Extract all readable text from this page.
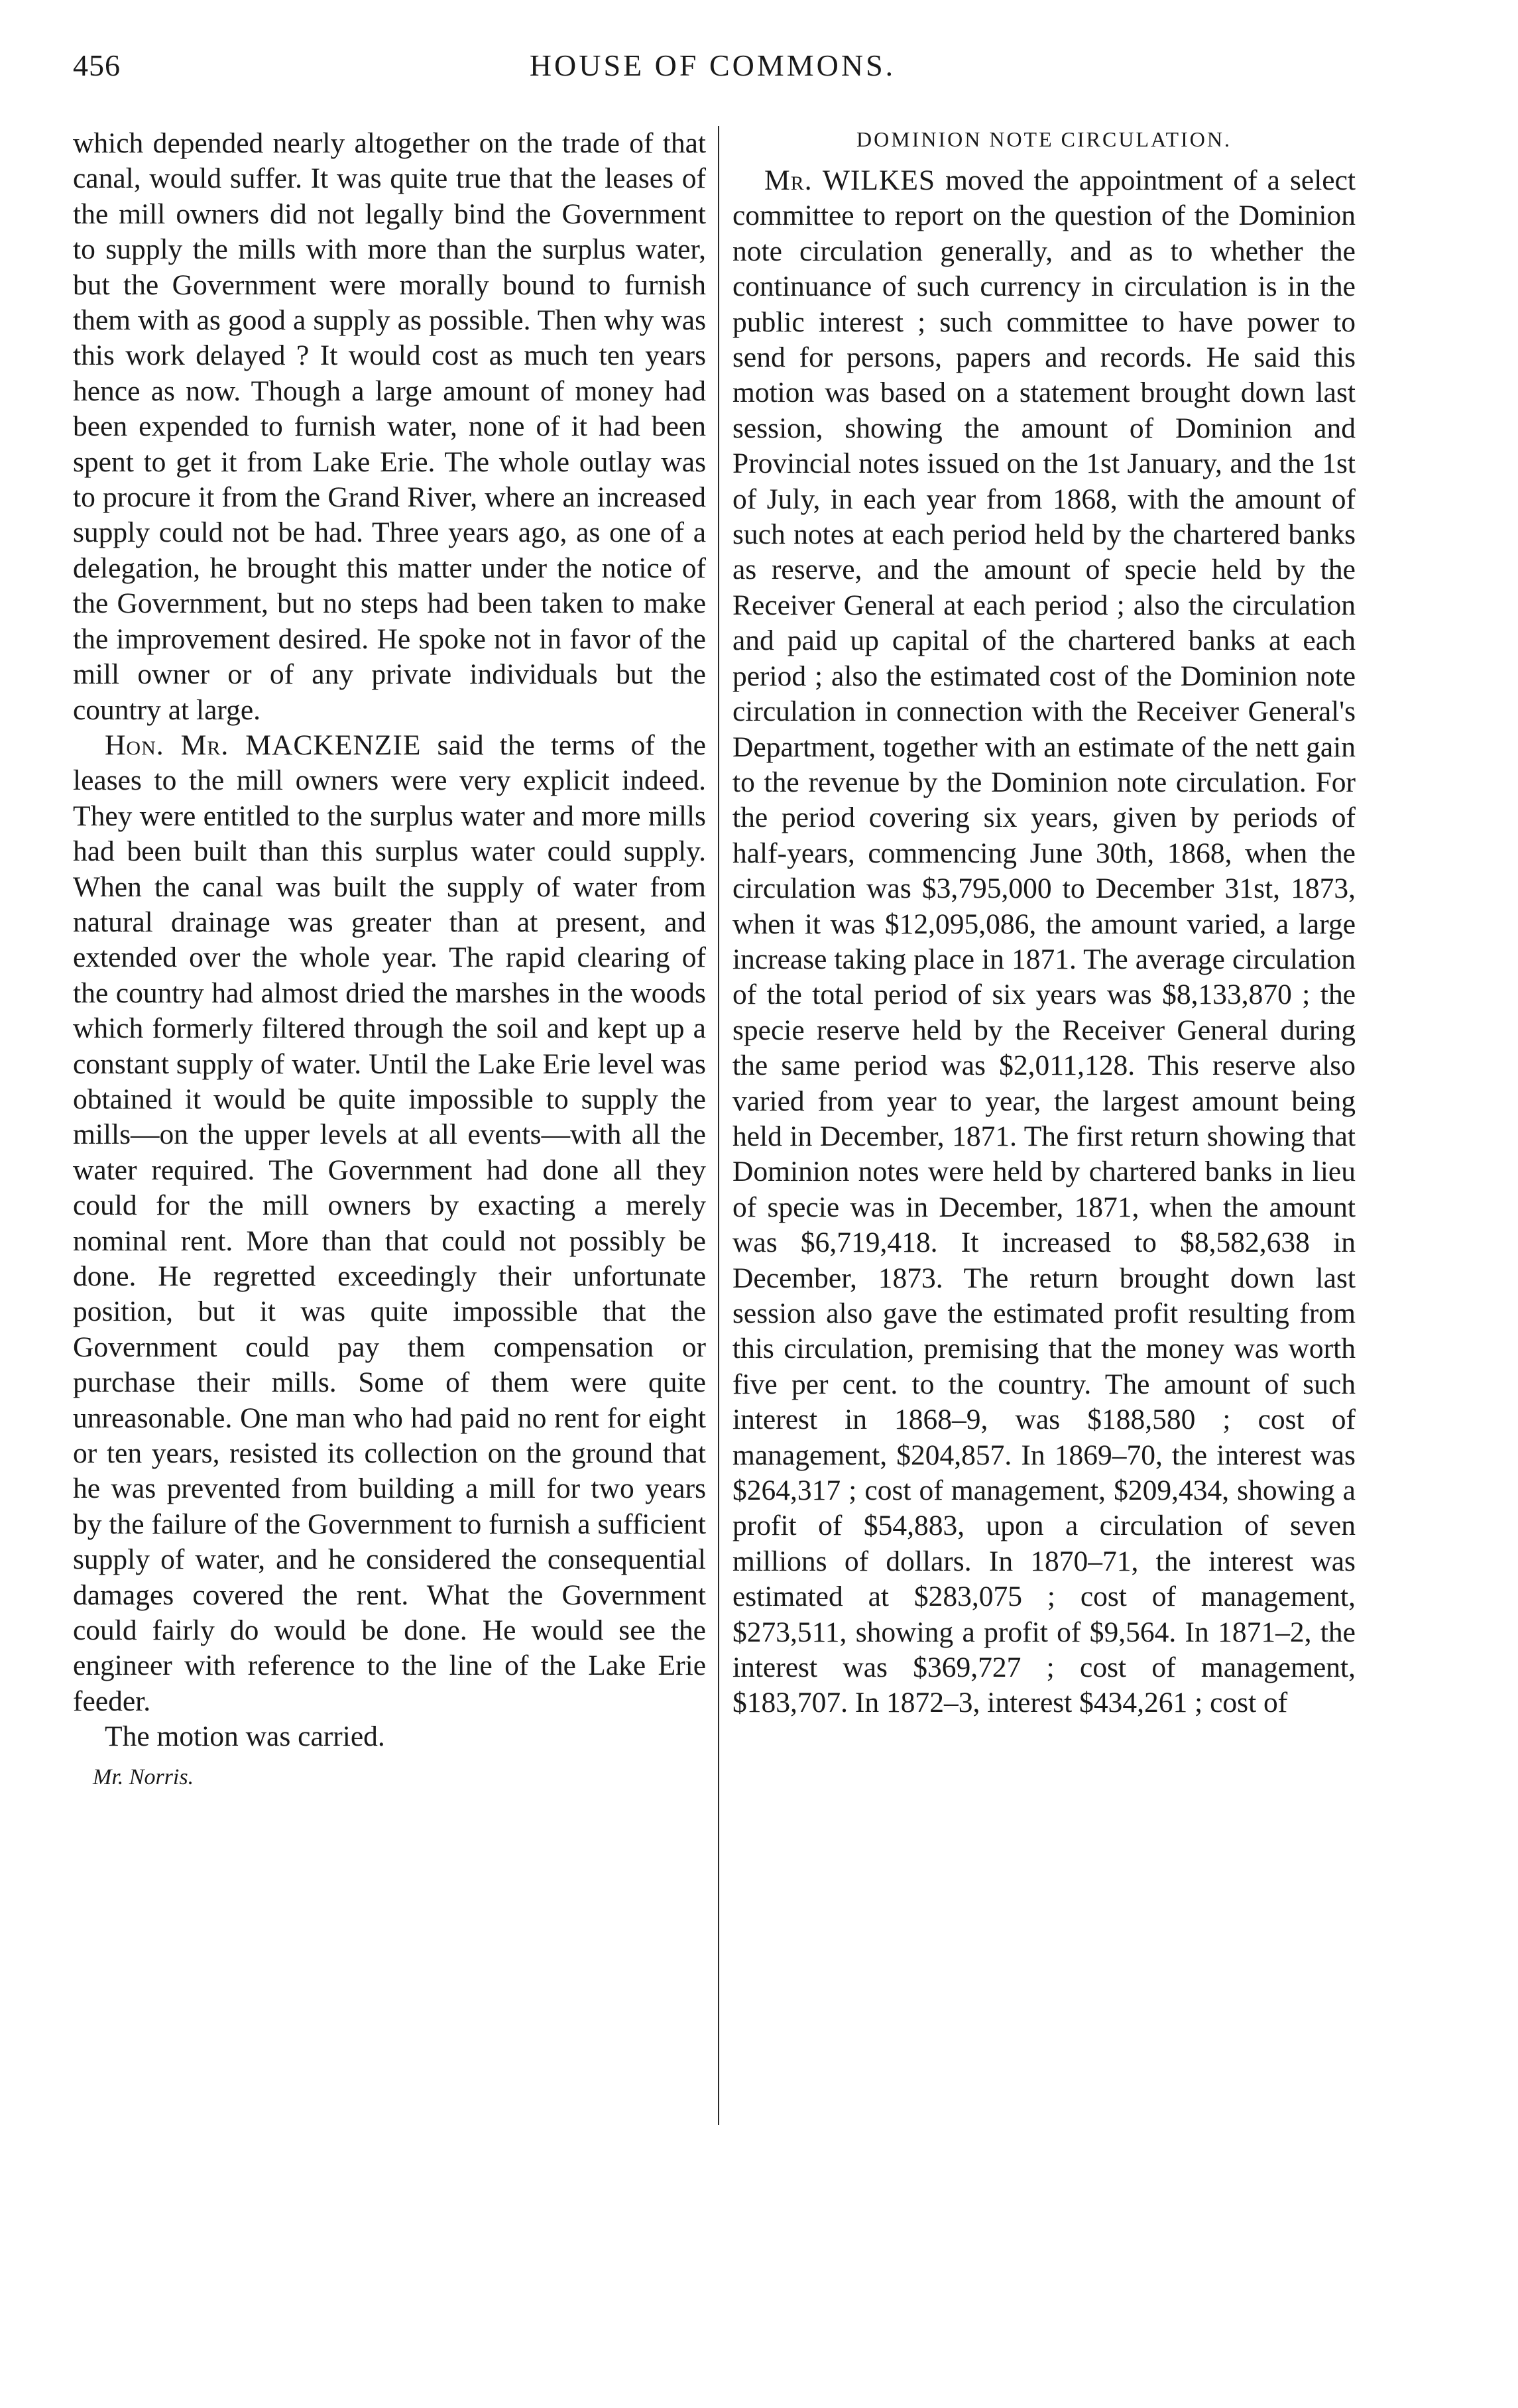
456	HOUSE OF COMMONS.

which depended nearly altogether on the trade of that canal, would suffer. It was quite true that the leases of the mill owners did not legally bind the Government to supply the mills with more than the surplus water, but the Government were morally bound to furnish them with as good a supply as possible. Then why was this work delayed ? It would cost as much ten years hence as now. Though a large amount of money had been expended to furnish water, none of it had been spent to get it from Lake Erie. The whole outlay was to procure it from the Grand River, where an increased supply could not be had. Three years ago, as one of a delegation, he brought this matter under the notice of the Government, but no steps had been taken to make the improvement desired. He spoke not in favor of the mill owner or of any private individuals but the country at large.

Hon. Mr. MACKENZIE said the terms of the leases to the mill owners were very explicit indeed. They were entitled to the surplus water and more mills had been built than this surplus water could supply. When the canal was built the supply of water from natural drainage was greater than at present, and extended over the whole year. The rapid clearing of the country had almost dried the marshes in the woods which formerly filtered through the soil and kept up a constant supply of water. Until the Lake Erie level was obtained it would be quite impossible to supply the mills—on the upper levels at all events—with all the water required. The Government had done all they could for the mill owners by exacting a merely nominal rent. More than that could not possibly be done. He regretted exceedingly their unfortunate position, but it was quite impossible that the Government could pay them compensation or purchase their mills. Some of them were quite unreasonable. One man who had paid no rent for eight or ten years, resisted its collection on the ground that he was prevented from building a mill for two years by the failure of the Government to furnish a sufficient supply of water, and he considered the consequential damages covered the rent. What the Government could fairly do would be done. He would see the engineer with reference to the line of the Lake Erie feeder.

The motion was carried.

Mr. Norris.

DOMINION NOTE CIRCULATION.

Mr. WILKES moved the appointment of a select committee to report on the question of the Dominion note circulation generally, and as to whether the continuance of such currency in circulation is in the public interest ; such committee to have power to send for persons, papers and records. He said this motion was based on a statement brought down last session, showing the amount of Dominion and Provincial notes issued on the 1st January, and the 1st of July, in each year from 1868, with the amount of such notes at each period held by the chartered banks as reserve, and the amount of specie held by the Receiver General at each period ; also the circulation and paid up capital of the chartered banks at each period ; also the estimated cost of the Dominion note circulation in connection with the Receiver General's Department, together with an estimate of the nett gain to the revenue by the Dominion note circulation. For the period covering six years, given by periods of half-years, commencing June 30th, 1868, when the circulation was $3,795,000 to December 31st, 1873, when it was $12,095,086, the amount varied, a large increase taking place in 1871. The average circulation of the total period of six years was $8,133,870 ; the specie reserve held by the Receiver General during the same period was $2,011,128. This reserve also varied from year to year, the largest amount being held in December, 1871. The first return showing that Dominion notes were held by chartered banks in lieu of specie was in December, 1871, when the amount was $6,719,418. It increased to $8,582,638 in December, 1873. The return brought down last session also gave the estimated profit resulting from this circulation, premising that the money was worth five per cent. to the country. The amount of such interest in 1868–9, was $188,580 ; cost of management, $204,857. In 1869–70, the interest was $264,317 ; cost of management, $209,434, showing a profit of $54,883, upon a circulation of seven millions of dollars. In 1870–71, the interest was estimated at $283,075 ; cost of management, $273,511, showing a profit of $9,564. In 1871–2, the interest was $369,727 ; cost of management, $183,707. In 1872–3, interest $434,261 ; cost of
